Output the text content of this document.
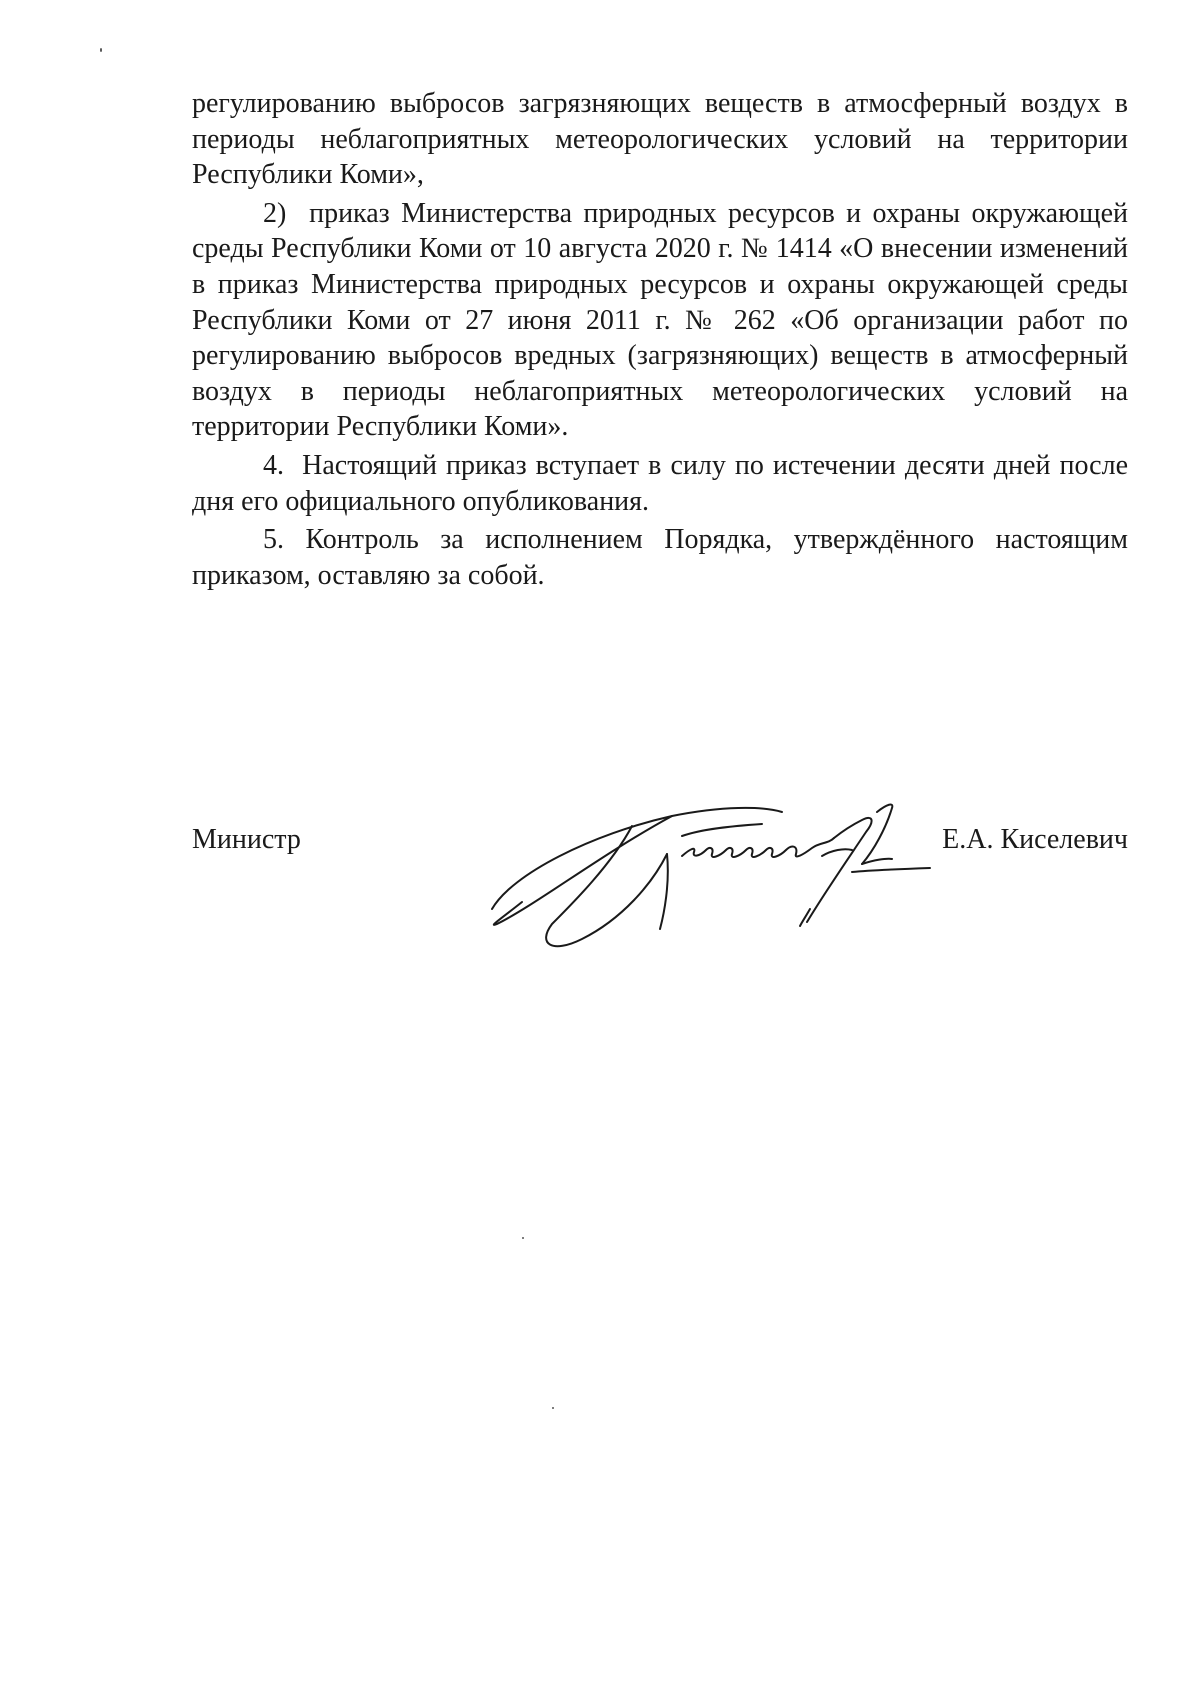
регулированию выбросов загрязняющих веществ в атмосферный воздух в периоды неблагоприятных метеорологических условий на территории Республики Коми»,

2)  приказ Министерства природных ресурсов и охраны окружающей среды Республики Коми от 10 августа 2020 г. № 1414 «О внесении изменений в приказ Министерства природных ресурсов и охраны окружающей среды Республики Коми от 27 июня 2011 г. № 262 «Об организации работ по регулированию выбросов вредных (загрязняющих) веществ в атмосферный воздух в периоды неблагоприятных метеорологических условий на территории Республики Коми».

4.  Настоящий приказ вступает в силу по истечении десяти дней после дня его официального опубликования.

5. Контроль за исполнением Порядка, утверждённого настоящим приказом, оставляю за собой.

Министр	Е.А. Киселевич
